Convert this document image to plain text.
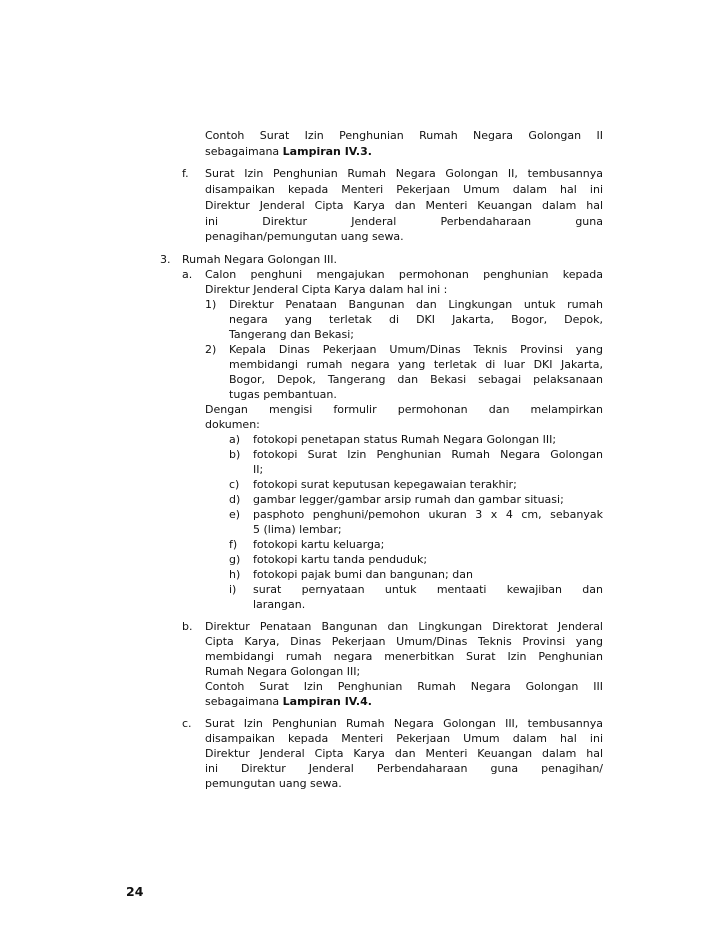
Contoh Surat Izin Penghunian Rumah Negara Golongan II
sebagaimana Lampiran IV.3.
f. Surat Izin Penghunian Rumah Negara Golongan II, tembusannya
disampaikan kepada Menteri Pekerjaan Umum dalam hal ini
Direktur Jenderal Cipta Karya dan Menteri Keuangan dalam hal
ini Direktur Jenderal Perbendaharaan guna
penagihan/pemungutan uang sewa.
3. Rumah Negara Golongan III.
a. Calon penghuni mengajukan permohonan penghunian kepada
Direktur Jenderal Cipta Karya dalam hal ini :
1) Direktur Penataan Bangunan dan Lingkungan untuk rumah
negara yang terletak di DKI Jakarta, Bogor, Depok,
Tangerang dan Bekasi;
2) Kepala Dinas Pekerjaan Umum/Dinas Teknis Provinsi yang
membidangi rumah negara yang terletak di luar DKI Jakarta,
Bogor, Depok, Tangerang dan Bekasi sebagai pelaksanaan
tugas pembantuan.
Dengan mengisi formulir permohonan dan melampirkan
dokumen:
a) fotokopi penetapan status Rumah Negara Golongan III;
b) fotokopi Surat Izin Penghunian Rumah Negara Golongan
II;
c) fotokopi surat keputusan kepegawaian terakhir;
d) gambar legger/gambar arsip rumah dan gambar situasi;
e) pasphoto penghuni/pemohon ukuran 3 x 4 cm, sebanyak
5 (lima) lembar;
f) fotokopi kartu keluarga;
g) fotokopi kartu tanda penduduk;
h) fotokopi pajak bumi dan bangunan; dan
i) surat pernyataan untuk mentaati kewajiban dan
larangan.
b. Direktur Penataan Bangunan dan Lingkungan Direktorat Jenderal
Cipta Karya, Dinas Pekerjaan Umum/Dinas Teknis Provinsi yang
membidangi rumah negara menerbitkan Surat Izin Penghunian
Rumah Negara Golongan III;
Contoh Surat Izin Penghunian Rumah Negara Golongan III
sebagaimana Lampiran IV.4.
c. Surat Izin Penghunian Rumah Negara Golongan III, tembusannya
disampaikan kepada Menteri Pekerjaan Umum dalam hal ini
Direktur Jenderal Cipta Karya dan Menteri Keuangan dalam hal
ini Direktur Jenderal Perbendaharaan guna penagihan/
pemungutan uang sewa.
24
